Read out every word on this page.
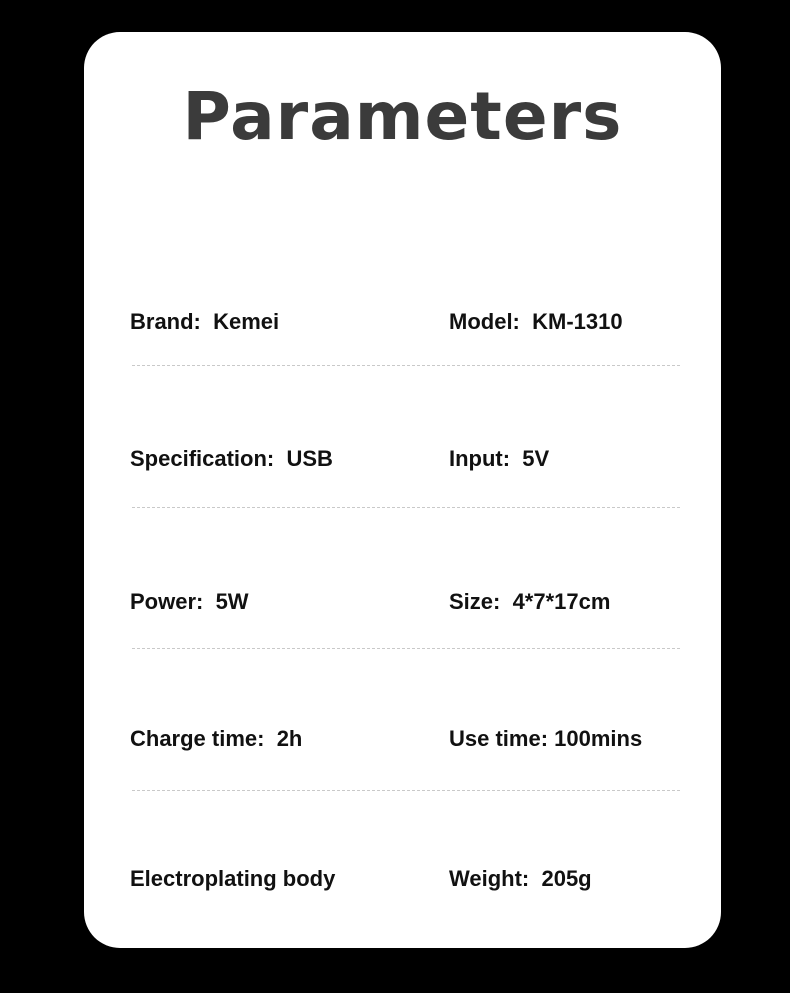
Parameters
Brand:  Kemei	Model:  KM-1310
Specification:  USB	Input:  5V
Power:  5W	Size:  4*7*17cm
Charge time:  2h	Use time: 100mins
Electroplating body	Weight:  205g
